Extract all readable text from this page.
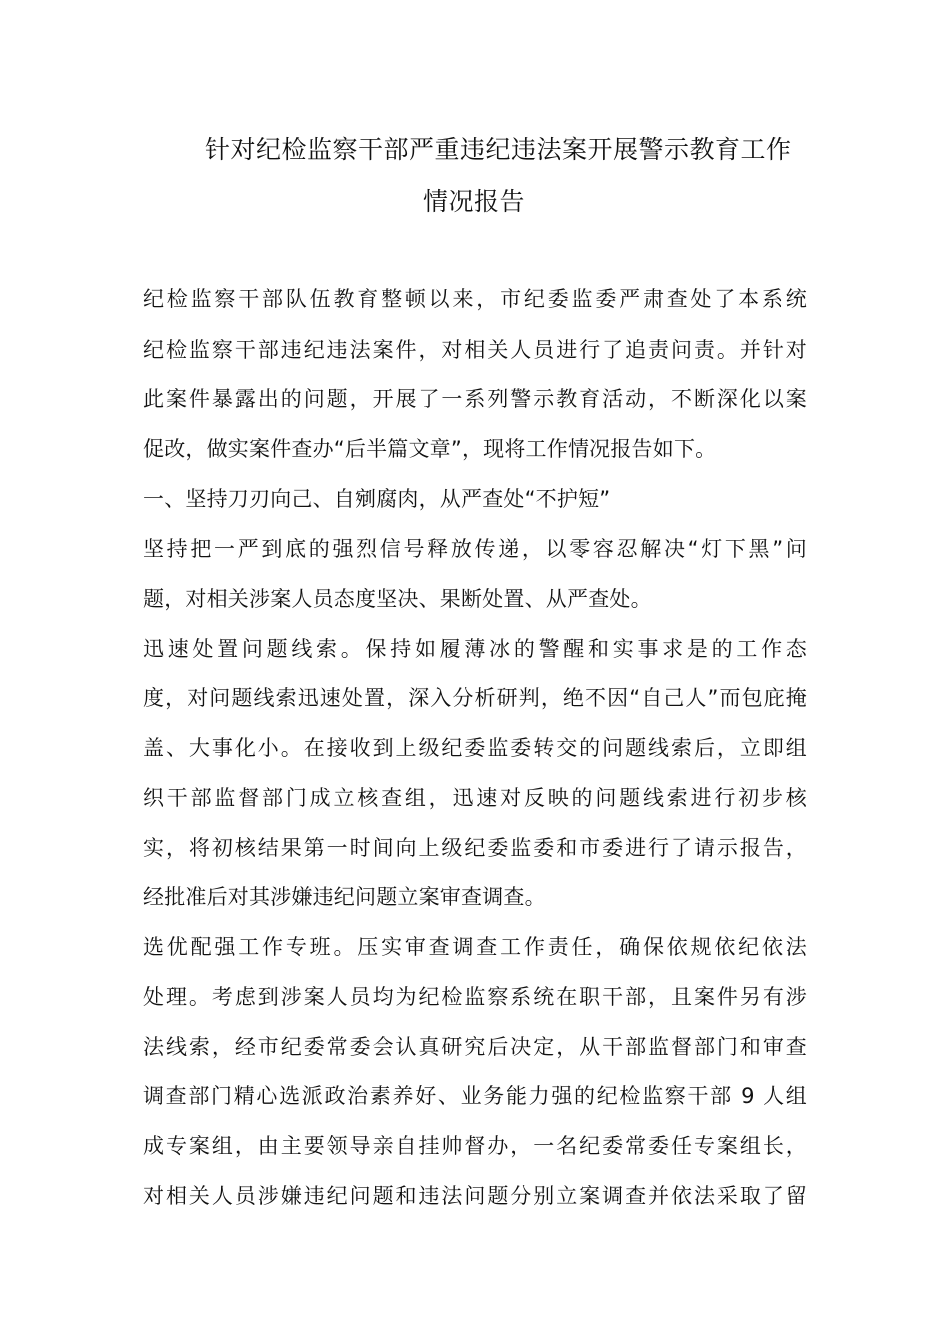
针对纪检监察干部严重违纪违法案开展警示教育工作
情况报告
纪检监察干部队伍教育整顿以来，市纪委监委严肃查处了本系统
纪检监察干部违纪违法案件，对相关人员进行了追责问责。并针对
此案件暴露出的问题，开展了一系列警示教育活动，不断深化以案
促改，做实案件查办“后半篇文章”，现将工作情况报告如下。
一、坚持刀刃向己、自剜腐肉，从严查处“不护短”
坚持把一严到底的强烈信号释放传递，以零容忍解决“灯下黑”问
题，对相关涉案人员态度坚决、果断处置、从严查处。
迅速处置问题线索。保持如履薄冰的警醒和实事求是的工作态
度，对问题线索迅速处置，深入分析研判，绝不因“自己人”而包庇掩
盖、大事化小。在接收到上级纪委监委转交的问题线索后，立即组
织干部监督部门成立核查组，迅速对反映的问题线索进行初步核
实，将初核结果第一时间向上级纪委监委和市委进行了请示报告，
经批准后对其涉嫌违纪问题立案审查调查。
选优配强工作专班。压实审查调查工作责任，确保依规依纪依法
处理。考虑到涉案人员均为纪检监察系统在职干部，且案件另有涉
法线索，经市纪委常委会认真研究后决定，从干部监督部门和审查
调查部门精心选派政治素养好、业务能力强的纪检监察干部 9 人组
成专案组，由主要领导亲自挂帅督办，一名纪委常委任专案组长，
对相关人员涉嫌违纪问题和违法问题分别立案调查并依法采取了留
